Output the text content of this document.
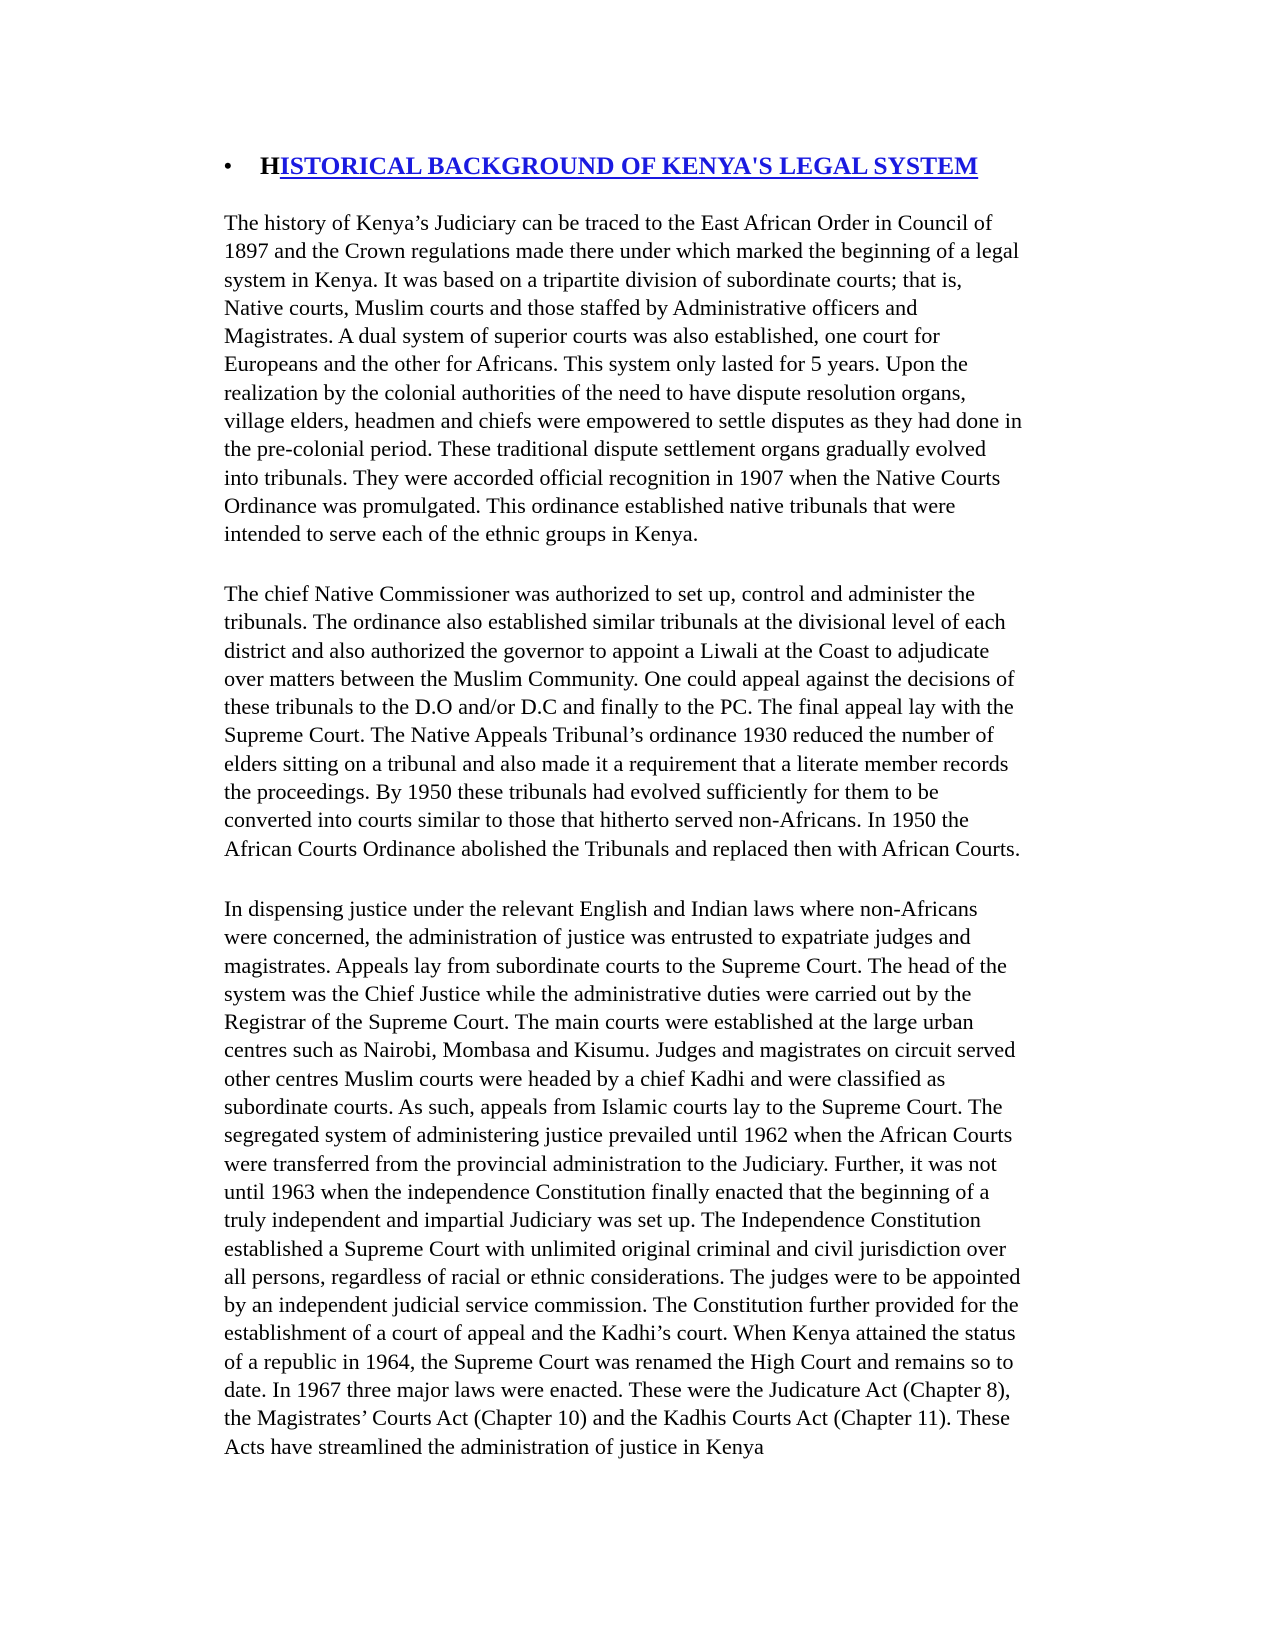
• HISTORICAL BACKGROUND OF KENYA'S LEGAL SYSTEM

The history of Kenya’s Judiciary can be traced to the East African Order in Council of
1897 and the Crown regulations made there under which marked the beginning of a legal
system in Kenya. It was based on a tripartite division of subordinate courts; that is,
Native courts, Muslim courts and those staffed by Administrative officers and
Magistrates. A dual system of superior courts was also established, one court for
Europeans and the other for Africans. This system only lasted for 5 years. Upon the
realization by the colonial authorities of the need to have dispute resolution organs,
village elders, headmen and chiefs were empowered to settle disputes as they had done in
the pre-colonial period. These traditional dispute settlement organs gradually evolved
into tribunals. They were accorded official recognition in 1907 when the Native Courts
Ordinance was promulgated. This ordinance established native tribunals that were
intended to serve each of the ethnic groups in Kenya.

The chief Native Commissioner was authorized to set up, control and administer the
tribunals. The ordinance also established similar tribunals at the divisional level of each
district and also authorized the governor to appoint a Liwali at the Coast to adjudicate
over matters between the Muslim Community. One could appeal against the decisions of
these tribunals to the D.O and/or D.C and finally to the PC. The final appeal lay with the
Supreme Court. The Native Appeals Tribunal’s ordinance 1930 reduced the number of
elders sitting on a tribunal and also made it a requirement that a literate member records
the proceedings. By 1950 these tribunals had evolved sufficiently for them to be
converted into courts similar to those that hitherto served non-Africans. In 1950 the
African Courts Ordinance abolished the Tribunals and replaced then with African Courts.

In dispensing justice under the relevant English and Indian laws where non-Africans
were concerned, the administration of justice was entrusted to expatriate judges and
magistrates. Appeals lay from subordinate courts to the Supreme Court. The head of the
system was the Chief Justice while the administrative duties were carried out by the
Registrar of the Supreme Court. The main courts were established at the large urban
centres such as Nairobi, Mombasa and Kisumu. Judges and magistrates on circuit served
other centres Muslim courts were headed by a chief Kadhi and were classified as
subordinate courts. As such, appeals from Islamic courts lay to the Supreme Court. The
segregated system of administering justice prevailed until 1962 when the African Courts
were transferred from the provincial administration to the Judiciary. Further, it was not
until 1963 when the independence Constitution finally enacted that the beginning of a
truly independent and impartial Judiciary was set up. The Independence Constitution
established a Supreme Court with unlimited original criminal and civil jurisdiction over
all persons, regardless of racial or ethnic considerations. The judges were to be appointed
by an independent judicial service commission. The Constitution further provided for the
establishment of a court of appeal and the Kadhi’s court. When Kenya attained the status
of a republic in 1964, the Supreme Court was renamed the High Court and remains so to
date. In 1967 three major laws were enacted. These were the Judicature Act (Chapter 8),
the Magistrates’ Courts Act (Chapter 10) and the Kadhis Courts Act (Chapter 11). These
Acts have streamlined the administration of justice in Kenya
